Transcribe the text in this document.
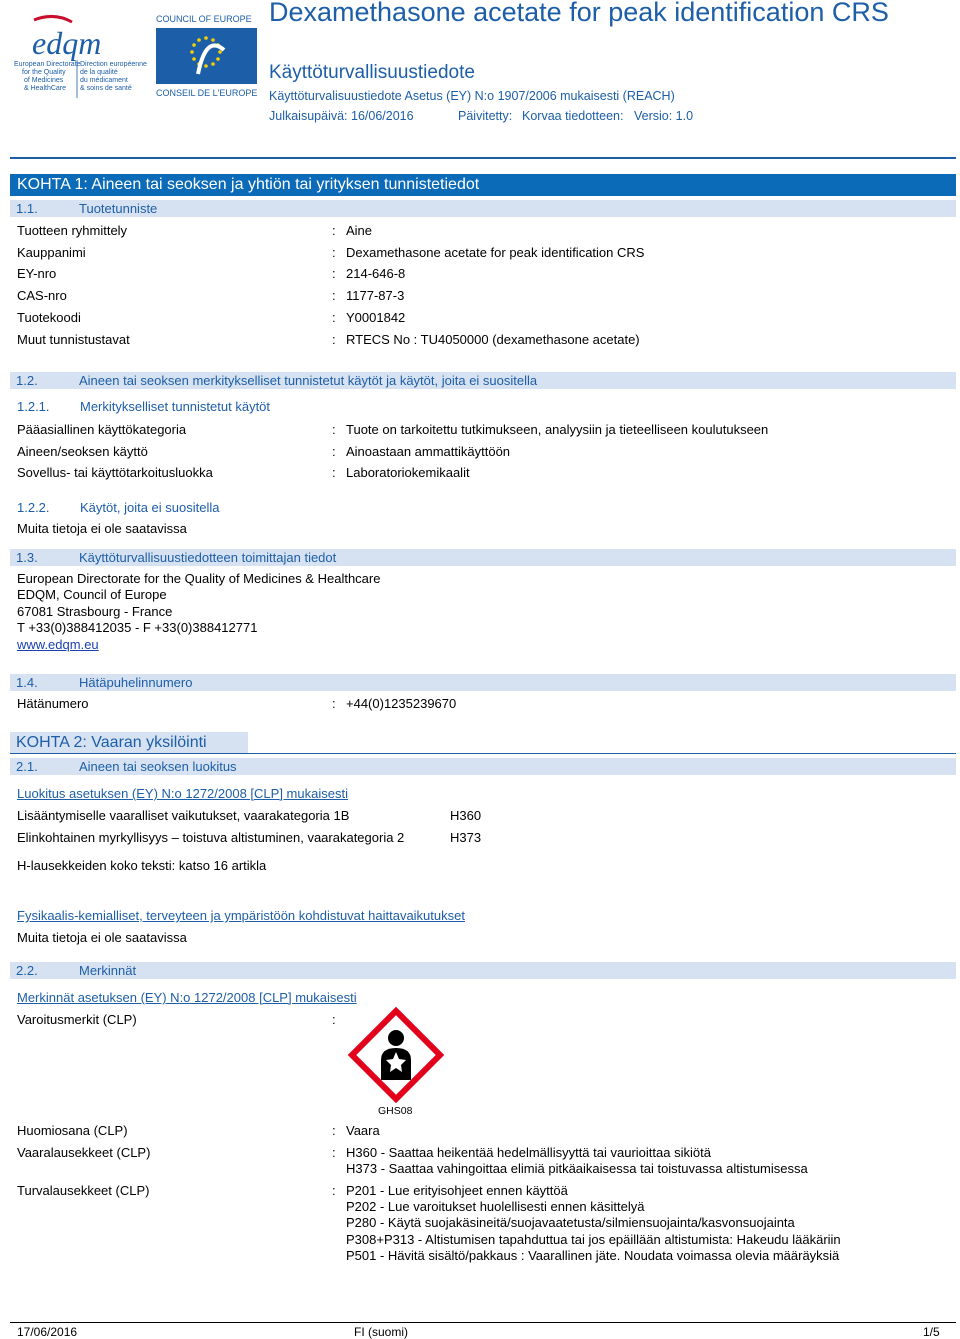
edqm
European Directorate
for the Quality
of Medicines
& HealthCare
Direction européenne
de la qualité
du médicament
& soins de santé
COUNCIL OF EUROPE
CONSEIL DE L'EUROPE
Dexamethasone acetate for peak identification CRS
Käyttöturvallisuustiedote
Käyttöturvalisuustiedote Asetus (EY) N:o 1907/2006 mukaisesti (REACH)
Julkaisupäivä: 16/06/2016	Päivitetty: Korvaa tiedotteen: Versio: 1.0
KOHTA 1: Aineen tai seoksen ja yhtiön tai yrityksen tunnistetiedot
1.1.	Tuotetunniste
Tuotteen ryhmittely	: Aine
Kauppanimi	: Dexamethasone acetate for peak identification CRS
EY-nro	: 214-646-8
CAS-nro	: 1177-87-3
Tuotekoodi	: Y0001842
Muut tunnistustavat	: RTECS No : TU4050000 (dexamethasone acetate)
1.2.	Aineen tai seoksen merkitykselliset tunnistetut käytöt ja käytöt, joita ei suositella
1.2.1. Merkitykselliset tunnistetut käytöt
Pääasiallinen käyttökategoria	: Tuote on tarkoitettu tutkimukseen, analyysiin ja tieteelliseen koulutukseen
Aineen/seoksen käyttö	: Ainoastaan ammattikäyttöön
Sovellus- tai käyttötarkoitusluokka	: Laboratoriokemikaalit
1.2.2. Käytöt, joita ei suositella
Muita tietoja ei ole saatavissa
1.3.	Käyttöturvallisuustiedotteen toimittajan tiedot
European Directorate for the Quality of Medicines & Healthcare
EDQM, Council of Europe
67081 Strasbourg - France
T +33(0)388412035 - F +33(0)388412771
www.edqm.eu
1.4.	Hätäpuhelinnumero
Hätänumero	: +44(0)1235239670
KOHTA 2: Vaaran yksilöinti
2.1.	Aineen tai seoksen luokitus
Luokitus asetuksen (EY) N:o 1272/2008 [CLP] mukaisesti
Lisääntymiselle vaaralliset vaikutukset, vaarakategoria 1B	H360
Elinkohtainen myrkyllisyys – toistuva altistuminen, vaarakategoria 2	H373
H-lausekkeiden koko teksti: katso 16 artikla
Fysikaalis-kemialliset, terveyteen ja ympäristöön kohdistuvat haittavaikutukset
Muita tietoja ei ole saatavissa
2.2.	Merkinnät
Merkinnät asetuksen (EY) N:o 1272/2008 [CLP] mukaisesti
Varoitusmerkit (CLP)	:
GHS08
Huomiosana (CLP)	: Vaara
Vaaralausekkeet (CLP)	: H360 - Saattaa heikentää hedelmällisyyttä tai vaurioittaa sikiötä
H373 - Saattaa vahingoittaa elimiä pitkäaikaisessa tai toistuvassa altistumisessa
Turvalausekkeet (CLP)	: P201 - Lue erityisohjeet ennen käyttöä
P202 - Lue varoitukset huolellisesti ennen käsittelyä
P280 - Käytä suojakäsineitä/suojavaatetusta/silmiensuojainta/kasvonsuojainta
P308+P313 - Altistumisen tapahduttua tai jos epäillään altistumista: Hakeudu lääkäriin
P501 - Hävitä sisältö/pakkaus : Vaarallinen jäte. Noudata voimassa olevia määräyksiä
17/06/2016	FI (suomi)	1/5
